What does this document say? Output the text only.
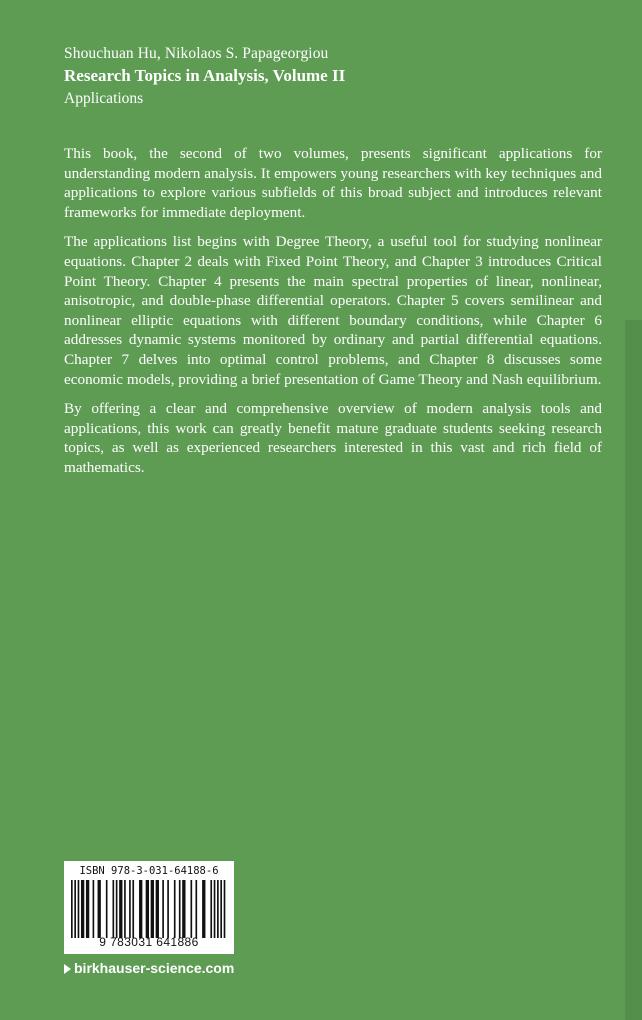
Shouchuan Hu, Nikolaos S. Papageorgiou
Research Topics in Analysis, Volume II
Applications

This book, the second of two volumes, presents significant applications for understanding modern analysis. It empowers young researchers with key techniques and applications to explore various subfields of this broad subject and introduces relevant frameworks for immediate deployment.

The applications list begins with Degree Theory, a useful tool for studying nonlinear equations. Chapter 2 deals with Fixed Point Theory, and Chapter 3 introduces Critical Point Theory. Chapter 4 presents the main spectral properties of linear, nonlinear, anisotropic, and double-phase differential operators. Chapter 5 covers semilinear and nonlinear elliptic equations with different boundary conditions, while Chapter 6 addresses dynamic systems monitored by ordinary and partial differential equations. Chapter 7 delves into optimal control problems, and Chapter 8 discusses some economic models, providing a brief presentation of Game Theory and Nash equilibrium.

By offering a clear and comprehensive overview of modern analysis tools and applications, this work can greatly benefit mature graduate students seeking research topics, as well as experienced researchers interested in this vast and rich field of mathematics.

ISBN 978-3-031-64188-6
9 783031 641886
birkhauser-science.com
